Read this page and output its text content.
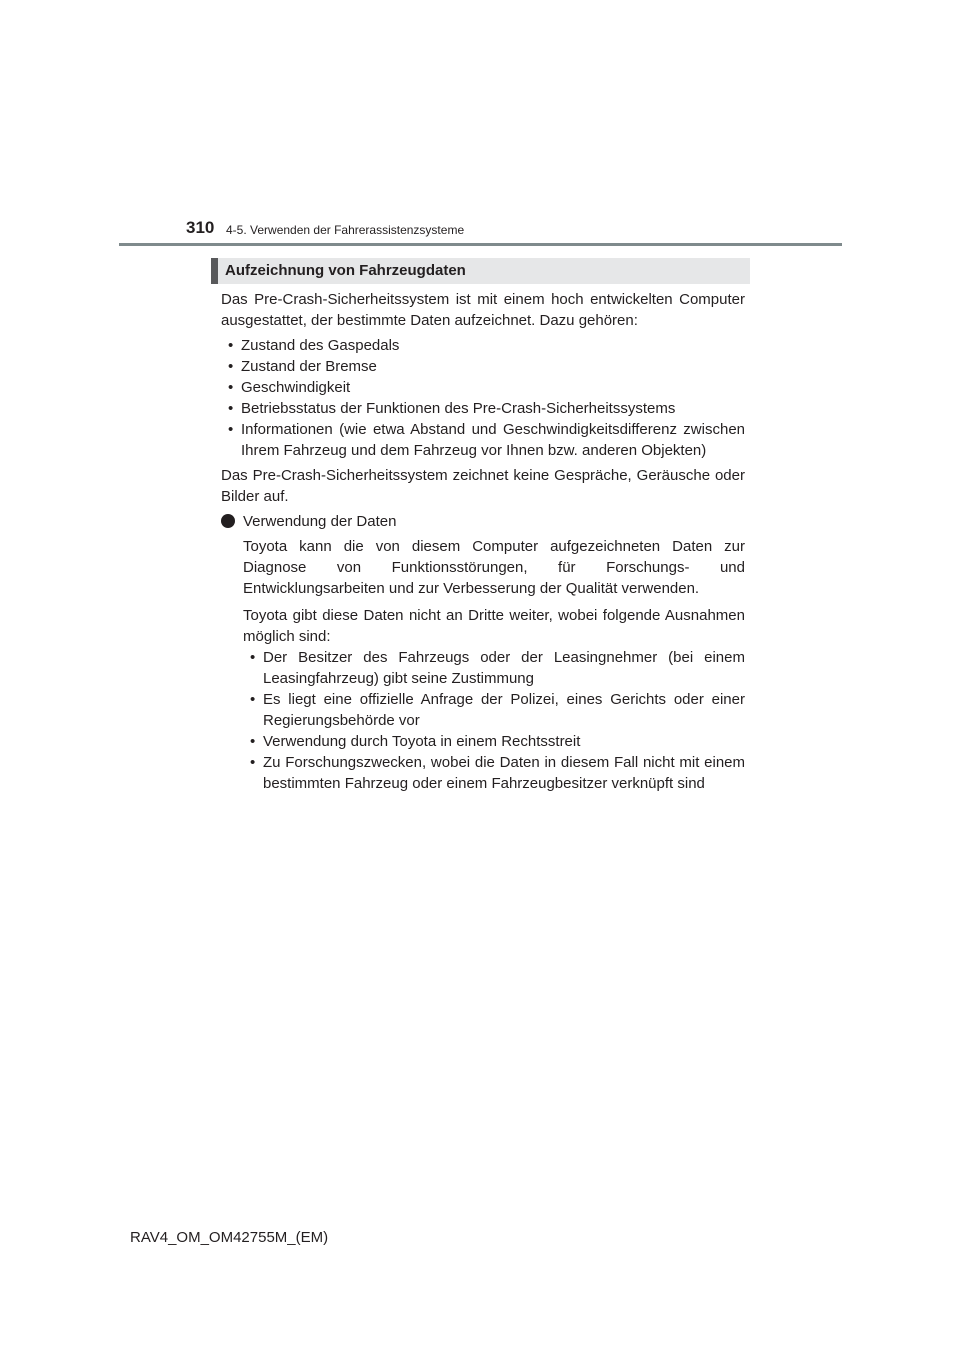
310 4-5. Verwenden der Fahrerassistenzsysteme
Aufzeichnung von Fahrzeugdaten

Das Pre-Crash-Sicherheitssystem ist mit einem hoch entwickelten Computer ausgestattet, der bestimmte Daten aufzeichnet. Dazu gehören:

• Zustand des Gaspedals
• Zustand der Bremse
• Geschwindigkeit
• Betriebsstatus der Funktionen des Pre-Crash-Sicherheitssystems
• Informationen (wie etwa Abstand und Geschwindigkeitsdifferenz zwischen Ihrem Fahrzeug und dem Fahrzeug vor Ihnen bzw. anderen Objekten)

Das Pre-Crash-Sicherheitssystem zeichnet keine Gespräche, Geräusche oder Bilder auf.

Verwendung der Daten

Toyota kann die von diesem Computer aufgezeichneten Daten zur Diagnose von Funktionsstörungen, für Forschungs- und Entwicklungsarbeiten und zur Verbesserung der Qualität verwenden.

Toyota gibt diese Daten nicht an Dritte weiter, wobei folgende Ausnahmen möglich sind:

• Der Besitzer des Fahrzeugs oder der Leasingnehmer (bei einem Leasingfahrzeug) gibt seine Zustimmung
• Es liegt eine offizielle Anfrage der Polizei, eines Gerichts oder einer Regierungsbehörde vor
• Verwendung durch Toyota in einem Rechtsstreit
• Zu Forschungszwecken, wobei die Daten in diesem Fall nicht mit einem bestimmten Fahrzeug oder einem Fahrzeugbesitzer verknüpft sind
RAV4_OM_OM42755M_(EM)
